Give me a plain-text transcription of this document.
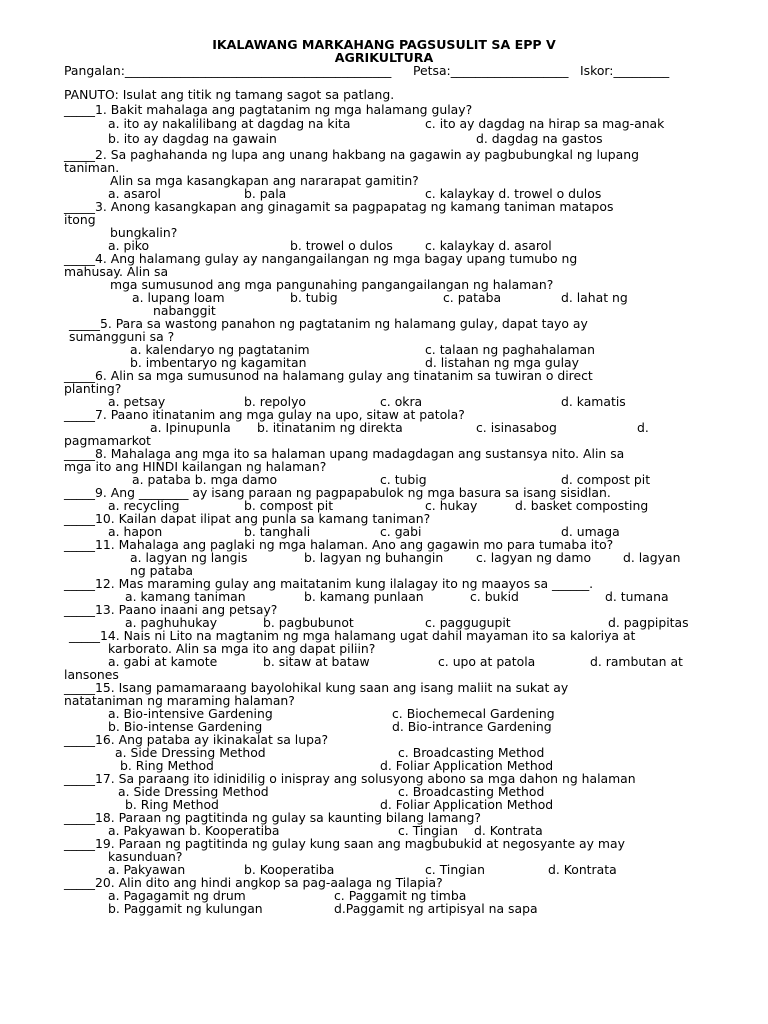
IKALAWANG MARKAHANG PAGSUSULIT SA EPP V
AGRIKULTURA
Pangalan:___________________________________________ Petsa:___________________ Iskor:_________
PANUTO: Isulat ang titik ng tamang sagot sa patlang.
_____1. Bakit mahalaga ang pagtatanim ng mga halamang gulay?
a. ito ay nakalilibang at dagdag na kita	c. ito ay dagdag na hirap sa mag-anak
b. ito ay dagdag na gawain	d. dagdag na gastos
_____2. Sa paghahanda ng lupa ang unang hakbang na gagawin ay pagbubungkal ng lupang
taniman.
Alin sa mga kasangkapan ang nararapat gamitin?
a. asarol	b. pala	c. kalaykay d. trowel o dulos
_____3. Anong kasangkapan ang ginagamit sa pagpapatag ng kamang taniman matapos
itong
bungkalin?
a. piko	b. trowel o dulos	c. kalaykay d. asarol
_____4. Ang halamang gulay ay nangangailangan ng mga bagay upang tumubo ng
mahusay. Alin sa
mga sumusunod ang mga pangunahing pangangailangan ng halaman?
a. lupang loam	b. tubig	c. pataba	d. lahat ng
nabanggit
_____5. Para sa wastong panahon ng pagtatanim ng halamang gulay, dapat tayo ay
sumangguni sa ?
a. kalendaryo ng pagtatanim	c. talaan ng paghahalaman
b. imbentaryo ng kagamitan	d. listahan ng mga gulay
_____6. Alin sa mga sumusunod na halamang gulay ang tinatanim sa tuwiran o direct
planting?
a. petsay	b. repolyo	c. okra	d. kamatis
_____7. Paano itinatanim ang mga gulay na upo, sitaw at patola?
a. Ipinupunla b. itinatanim ng direkta	c. isinasabog	d.
pagmamarkot
_____8. Mahalaga ang mga ito sa halaman upang madagdagan ang sustansya nito. Alin sa
mga ito ang HINDI kailangan ng halaman?
a. pataba b. mga damo	c. tubig	d. compost pit
_____9. Ang ________ ay isang paraan ng pagpapabulok ng mga basura sa isang sisidlan.
a. recycling	b. compost pit	c. hukay	d. basket composting
_____10. Kailan dapat ilipat ang punla sa kamang taniman?
a. hapon	b. tanghali	c. gabi	d. umaga
_____11. Mahalaga ang paglaki ng mga halaman. Ano ang gagawin mo para tumaba ito?
a. lagyan ng langis	b. lagyan ng buhangin	c. lagyan ng damo	d. lagyan
ng pataba
_____12. Mas maraming gulay ang maitatanim kung ilalagay ito ng maayos sa ______.
a. kamang taniman	b. kamang punlaan	c. bukid	d. tumana
_____13. Paano inaani ang petsay?
a. paghuhukay	b. pagbubunot	c. paggugupit	d. pagpipitas
_____14. Nais ni Lito na magtanim ng mga halamang ugat dahil mayaman ito sa kaloriya at
karborato. Alin sa mga ito ang dapat piliin?
a. gabi at kamote	b. sitaw at bataw	c. upo at patola	d. rambutan at
lansones
_____15. Isang pamamaraang bayolohikal kung saan ang isang maliit na sukat ay
natataniman ng maraming halaman?
a. Bio-intensive Gardening	c. Biochemecal Gardening
b. Bio-intense Gardening	d. Bio-intrance Gardening
_____16. Ang pataba ay ikinakalat sa lupa?
a. Side Dressing Method	c. Broadcasting Method
b. Ring Method	d. Foliar Application Method
_____17. Sa paraang ito idinidilig o inispray ang solusyong abono sa mga dahon ng halaman
a. Side Dressing Method	c. Broadcasting Method
b. Ring Method	d. Foliar Application Method
_____18. Paraan ng pagtitinda ng gulay sa kaunting bilang lamang?
a. Pakyawan b. Kooperatiba	c. Tingian d. Kontrata
_____19. Paraan ng pagtitinda ng gulay kung saan ang magbubukid at negosyante ay may
kasunduan?
a. Pakyawan	b. Kooperatiba	c. Tingian	d. Kontrata
_____20. Alin dito ang hindi angkop sa pag-aalaga ng Tilapia?
a. Pagagamit ng drum	c. Paggamit ng timba
b. Paggamit ng kulungan	d.Paggamit ng artipisyal na sapa
